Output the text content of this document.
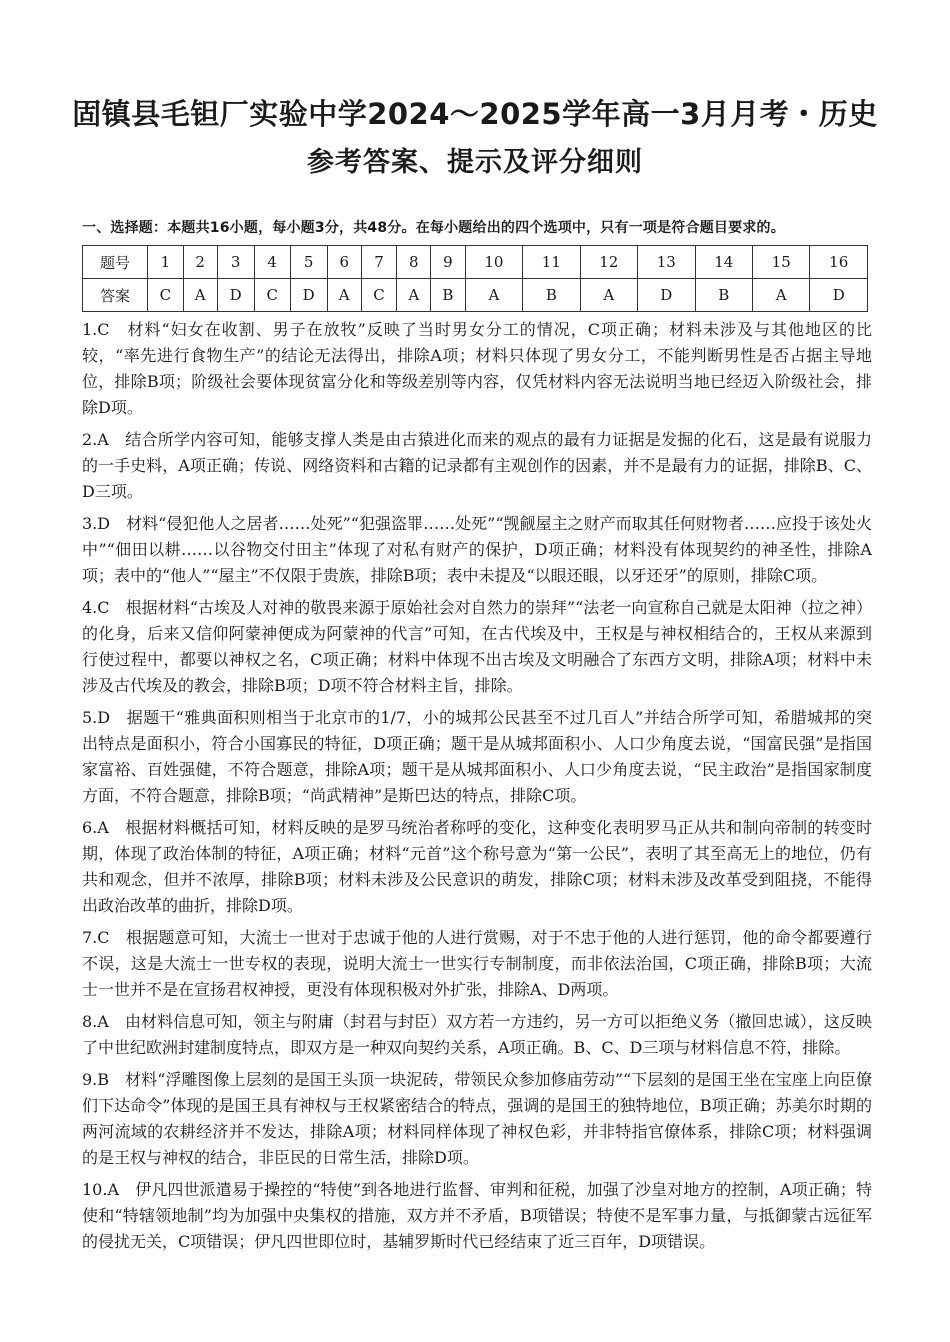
固镇县毛钽厂实验中学2024～2025学年高一3月月考・历史
参考答案、提示及评分细则
一、选择题：本题共16小题，每小题3分，共48分。在每小题给出的四个选项中，只有一项是符合题目要求的。
题号	1	2	3	4	5	6	7	8	9	10	11	12	13	14	15	16
答案	C	A	D	C	D	A	C	A	B	A	B	A	D	B	A	D
1.C　材料“妇女在收割、男子在放牧”反映了当时男女分工的情况，C项正确；材料未涉及与其他地区的比较，“率先进行食物生产”的结论无法得出，排除A项；材料只体现了男女分工，不能判断男性是否占据主导地位，排除B项；阶级社会要体现贫富分化和等级差别等内容，仅凭材料内容无法说明当地已经迈入阶级社会，排除D项。
2.A　结合所学内容可知，能够支撑人类是由古猿进化而来的观点的最有力证据是发掘的化石，这是最有说服力的一手史料，A项正确；传说、网络资料和古籍的记录都有主观创作的因素，并不是最有力的证据，排除B、C、D三项。
3.D　材料“侵犯他人之居者……处死”“犯强盗罪……处死”“觊觎屋主之财产而取其任何财物者……应投于该处火中”“佃田以耕……以谷物交付田主”体现了对私有财产的保护，D项正确；材料没有体现契约的神圣性，排除A项；表中的“他人”“屋主”不仅限于贵族，排除B项；表中未提及“以眼还眼，以牙还牙”的原则，排除C项。
4.C　根据材料“古埃及人对神的敬畏来源于原始社会对自然力的崇拜”“法老一向宣称自己就是太阳神（拉之神）的化身，后来又信仰阿蒙神便成为阿蒙神的代言”可知，在古代埃及中，王权是与神权相结合的，王权从来源到行使过程中，都要以神权之名，C项正确；材料中体现不出古埃及文明融合了东西方文明，排除A项；材料中未涉及古代埃及的教会，排除B项；D项不符合材料主旨，排除。
5.D　据题干“雅典面积则相当于北京市的1/7，小的城邦公民甚至不过几百人”并结合所学可知，希腊城邦的突出特点是面积小，符合小国寡民的特征，D项正确；题干是从城邦面积小、人口少角度去说，“国富民强”是指国家富裕、百姓强健，不符合题意，排除A项；题干是从城邦面积小、人口少角度去说，“民主政治”是指国家制度方面，不符合题意，排除B项；“尚武精神”是斯巴达的特点，排除C项。
6.A　根据材料概括可知，材料反映的是罗马统治者称呼的变化，这种变化表明罗马正从共和制向帝制的转变时期，体现了政治体制的特征，A项正确；材料“元首”这个称号意为“第一公民”，表明了其至高无上的地位，仍有共和观念，但并不浓厚，排除B项；材料未涉及公民意识的萌发，排除C项；材料未涉及改革受到阻挠，不能得出政治改革的曲折，排除D项。
7.C　根据题意可知，大流士一世对于忠诚于他的人进行赏赐，对于不忠于他的人进行惩罚，他的命令都要遵行不误，这是大流士一世专权的表现，说明大流士一世实行专制制度，而非依法治国，C项正确，排除B项；大流士一世并不是在宣扬君权神授，更没有体现积极对外扩张，排除A、D两项。
8.A　由材料信息可知，领主与附庸（封君与封臣）双方若一方违约，另一方可以拒绝义务（撤回忠诚），这反映了中世纪欧洲封建制度特点，即双方是一种双向契约关系，A项正确。B、C、D三项与材料信息不符，排除。
9.B　材料“浮雕图像上层刻的是国王头顶一块泥砖，带领民众参加修庙劳动”“下层刻的是国王坐在宝座上向臣僚们下达命令”体现的是国王具有神权与王权紧密结合的特点，强调的是国王的独特地位，B项正确；苏美尔时期的两河流域的农耕经济并不发达，排除A项；材料同样体现了神权色彩，并非特指官僚体系，排除C项；材料强调的是王权与神权的结合，非臣民的日常生活，排除D项。
10.A　伊凡四世派遣易于操控的“特使”到各地进行监督、审判和征税，加强了沙皇对地方的控制，A项正确；特使和“特辖领地制”均为加强中央集权的措施，双方并不矛盾，B项错误；特使不是军事力量，与抵御蒙古远征军的侵扰无关，C项错误；伊凡四世即位时，基辅罗斯时代已经结束了近三百年，D项错误。
